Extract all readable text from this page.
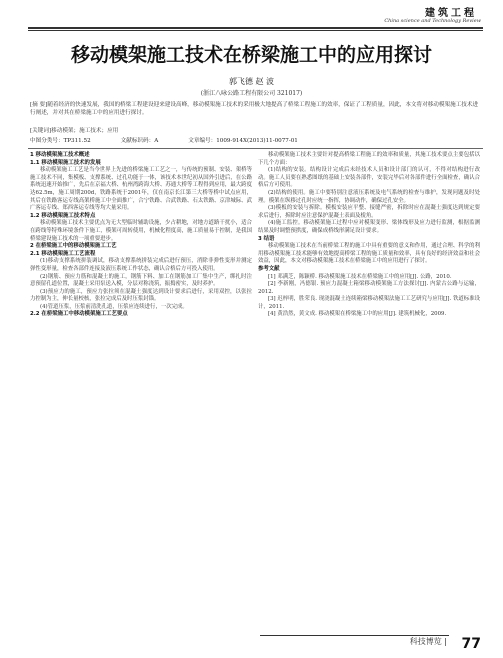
建筑工程
China science and Technology Review
移动模架施工技术在桥梁施工中的应用探讨
郭飞德 赵 波
(浙江八咏公路工程有限公司 321017)
[摘 要]随着经济的快速发展，我国的桥梁工程建设迎来建设高峰，移动模架施工技术的采用极大地提高了桥梁工程施工的效率，保证了工程质量，因此，本文将对移动模架施工技术进行阐述，并对其在桥梁施工中的应用进行探讨。
[关键词]移动模架；施工技术；应用
中图分类号：TP311.52	文献标识码：A	文章编号：1009-914X(2013)11-0077-01

1 移动模架施工技术概述

1.1 移动模架施工技术的发展

移动模架施工工艺是当今世界上先进的桥梁施工工艺之一，与传统的预制、安装、架桥等施工技术不同，集模板、支撑系统、过孔功能于一体，该技术本世纪初从国外引进后，在公路系统迅速开始推广，先后在京福大桥、杭州湾跨海大桥、苏通大桥等工程得到应用，最大跨度达62.5m，施工周期200d，铁路系统于2001年，仅在南京长江第三大桥等桥中试点应用，其后在铁路客运专线高架桥施工中全面推广，合宁铁路、合武铁路、石太铁路、京津城际、武广客运专线、郑西客运专线等均大量采用。

1.2 移动模架施工技术特点

移动模架施工技术主要优点为无大型临时辅助设施，少占耕地，对地方道路干扰小，适合在跨线等特殊环境条件下施工，模架可周转使用，机械化程度高，施工质量易于控制，是我国桥梁建设施工技术的一项重要进步。

2 在桥梁施工中的移动模架施工工艺

2.1 移动模架施工工艺流程

(1)移动支撑系统拼装调试，移动支撑系统拼装完成后进行预压，消除非弹性变形并测定弹性变形量，检查各部件连接及液压系统工作状态，确认合格后方可投入使用。

(2)钢筋、预应力筋和混凝土的施工，钢筋下料、加工在钢筋加工厂集中生产，绑扎时注意预留孔道位置，混凝土采用泵送入模，分层对称浇筑，振捣密实，及时养护。

(3)预应力的施工，预应力张拉须在混凝土强度达到设计要求后进行，采用双控，以张拉力控制为主，伸长量校核，张拉完成后及时压浆封锚。

(4)管道压浆，压浆前清洗孔道，压浆应连续进行，一次完成。

2.2 在桥梁施工中移动模架施工工艺要点

移动模架施工技术主要针对提高桥梁工程施工的效率和质量，其施工技术要点主要包括以下几个方面：

(1)结构的安装。结构设计完成后未经技术人员和设计部门的认可，不得对结构进行改动。施工人员要在熟悉图纸的基础上安装各部件，安装完毕后对各部件进行全面检查，确认合格后方可使用。

(2)结构的使用。施工中要特别注意液压系统及电气系统的检查与维护，发现问题及时处理。模架在纵移过孔时应统一指挥，协调动作，确保过孔安全。

(3)模板的安装与拆除。模板安装应平整、接缝严密，拆除时应在混凝土强度达到规定要求后进行，拆除时应注意保护混凝土表面及棱角。

(4)施工监控。移动模架施工过程中应对模架变形、梁体线形及应力进行监测，根据监测结果及时调整预拱度，确保成桥线形满足设计要求。

3 结语

移动模架施工技术在当前桥梁工程的施工中具有重要的意义和作用，通过合理、科学的利用移动模架施工技术能够有效地提高桥梁工程的施工质量和效率，具有良好的经济效益和社会效益，因此，本文对移动模架施工技术在桥梁施工中的应用进行了探讨。

参考文献

[1] 邓满芝，陈颖桥. 移动模架施工技术在桥梁施工中的应用[J]. 公路，2010.

[2] 李新刚，冯德银. 预应力混凝土箱梁移动模架施工方法探讨[J]. 内蒙古公路与运输，2012.

[3] 迟梓明，胜荣良. 现浇混凝土连续箱梁移动模架法施工工艺研究与应用[J]. 铁道标准设计，2011.

[4] 黄浩然，黄文成. 移动模架在桥梁施工中的应用[J]. 建筑机械化，2009.

科技博览 | 77
